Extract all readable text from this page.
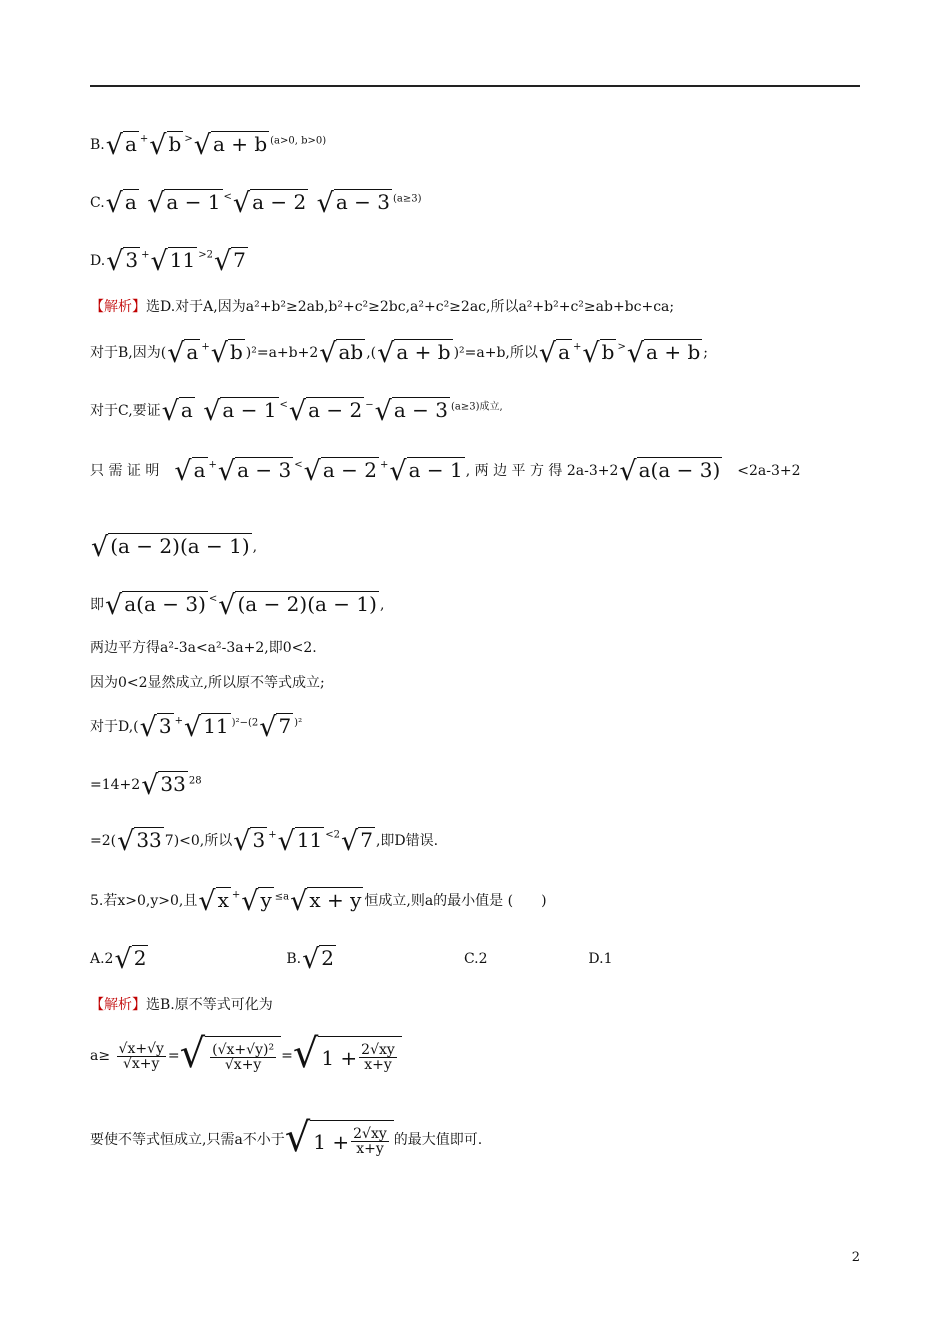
B. √ a + √ b > √ a + b $^{(a>0, b>0)}$
C. √ a
√ a − 1 < √ a − 2
√ a − 3 $^{(a\ge 3)}$
D. √ 3 + √ 11 $^{>2}$ √ 7
【解析】选D.对于A,因为a²+b²≥2ab,b²+c²≥2bc,a²+c²≥2ac,所以a²+b²+c²≥ab+bc+ca;
对于B,因为( √ a + √ b )²=a+b+2 √ ab ,( √ a + b )²=a+b,所以 √ a + √ b > √ a + b ;
对于C,要证 √ a
√ a − 1 < √ a − 2 − √ a − 3 $^{(a\ge 3)成立,}$
只 需 证 明 √ a + √ a − 3 < √ a − 2 + √ a − 1 , 两 边 平 方 得 2a-3+2 √ a(a − 3) <2a-3+2
√ (a − 2)(a − 1) ,
即 √ a(a − 3) < √ (a − 2)(a − 1) ,
两边平方得a²-3a<a²-3a+2,即0<2.
因为0<2显然成立,所以原不等式成立;
对于D,( √ 3 + √ 11 $^{)^2-(2}$ √ 7 $^{)^2}$
=14+2 √ 33 $^{28}$
=2( √ 33 7)<0,所以 √ 3 + √ 11 $^{<2}$ √ 7 ,即D错误.
5.若x>0,y>0,且 √ x + √ y $^{\le a}$ √ x + y 恒成立,则a的最小值是 (　　)
A.2 √ 2	B. √ 2	C.2	D.1
【解析】选B.原不等式可化为
$a\ge \frac{√x+√y}{√x+y}$ = √ $\frac{\text{(√x+√y)²}}{√x+y}$ = √ $1 + \frac{2√xy}{x+y}$
要使不等式恒成立,只需a不小于 √ $1 + \frac{2√xy}{x+y}$ 的最大值即可.
2
